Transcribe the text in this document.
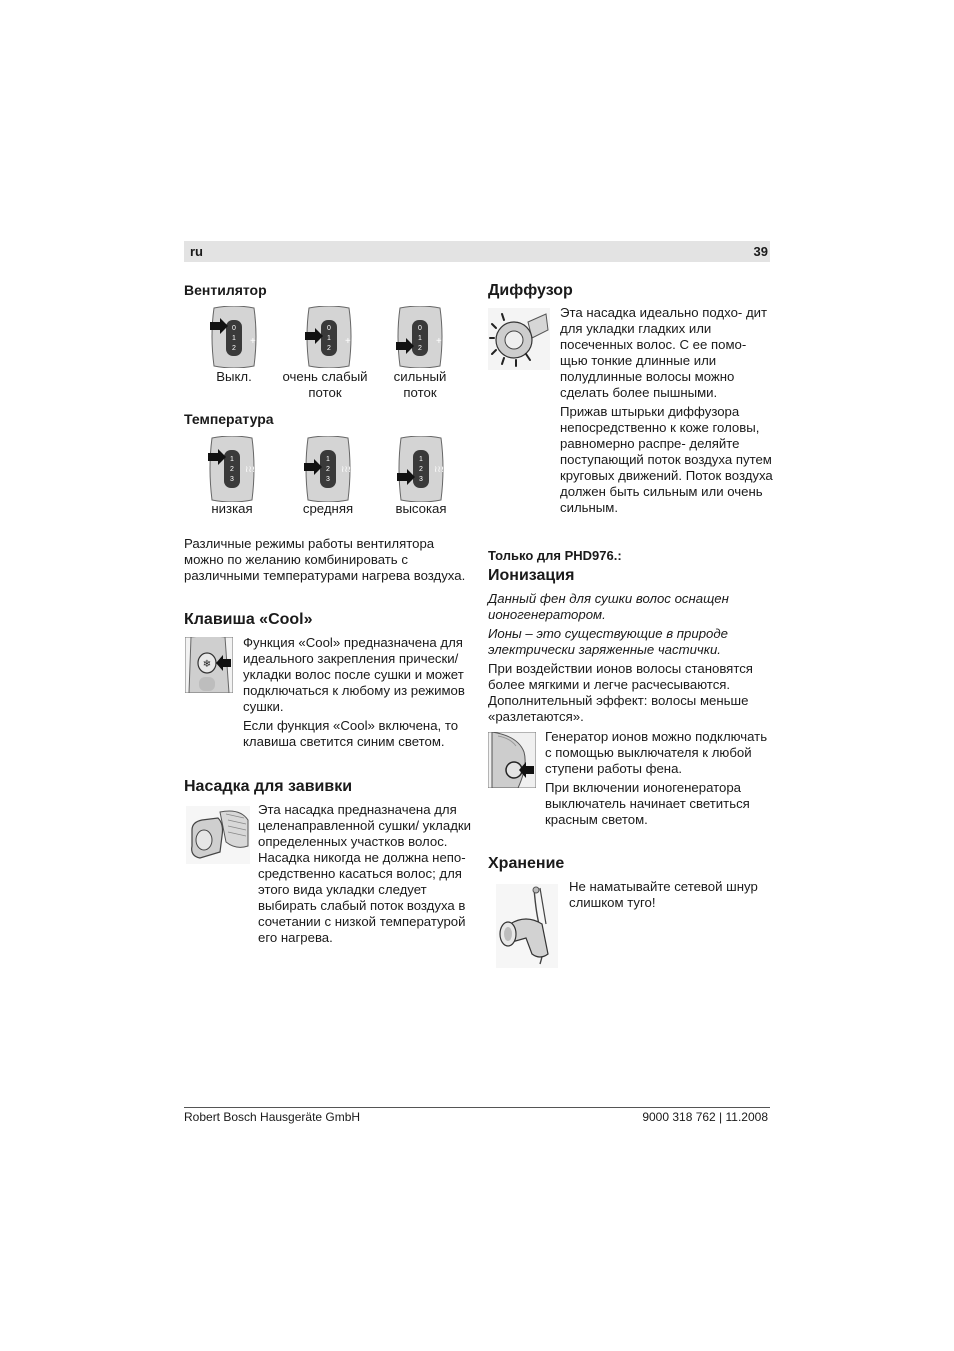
ru	39
Вентилятор
0
1
2
+
0
1
2
+
0
1
2
+
Выкл.	очень слабый поток
сильный поток
Температура
1
2
3
≀≀≀
1
2
3
≀≀≀
1
2
3
≀≀≀
низкая	средняя	высокая
Различные режимы работы вентилятора можно по желанию комбинировать с различными температурами нагрева воздуха.
Клавиша «Cool»
❄

Функция «Cool» предназначена для идеального закрепления прически/укладки волос после сушки и может подключаться к любому из режимов сушки.

Если функция «Cool» включена, то клавиша светится синим светом.

Насадка для завивки
Эта насадка предназначена для целенаправленной сушки/ укладки определенных участков волос. Насадка никогда не должна непо- средственно касаться волос; для этого вида укладки следует выбирать слабый поток воздуха в сочетании с низкой температурой его нагрева.
Диффузор

Эта насадка идеально подхо- дит для укладки гладких или посеченных волос. С ее помо- щью тонкие длинные или полудлинные волосы можно сделать более пышными.

Прижав штырьки диффузора непосредственно к коже головы, равномерно распре- деляйте поступающий поток воздуха путем круговых движений. Поток воздуха должен быть сильным или очень сильным.

Только для PHD976.:
Ионизация

Данный фен для сушки волос оснащен ионогенератором.

Ионы – это существующие в природе электрически заряженные частички.

При воздействии ионов волосы становятся более мягкими и легче расчесываются. Дополнительный эффект: волосы меньше «разлетаются».

Генератор ионов можно подключать с помощью выключателя к любой ступени работы фена.

При включении ионогенератора выключатель начинает светиться красным светом.

Хранение
Не наматывайте сетевой шнур слишком туго!
Robert Bosch Hausgeräte GmbH	9000 318 762 | 11.2008
